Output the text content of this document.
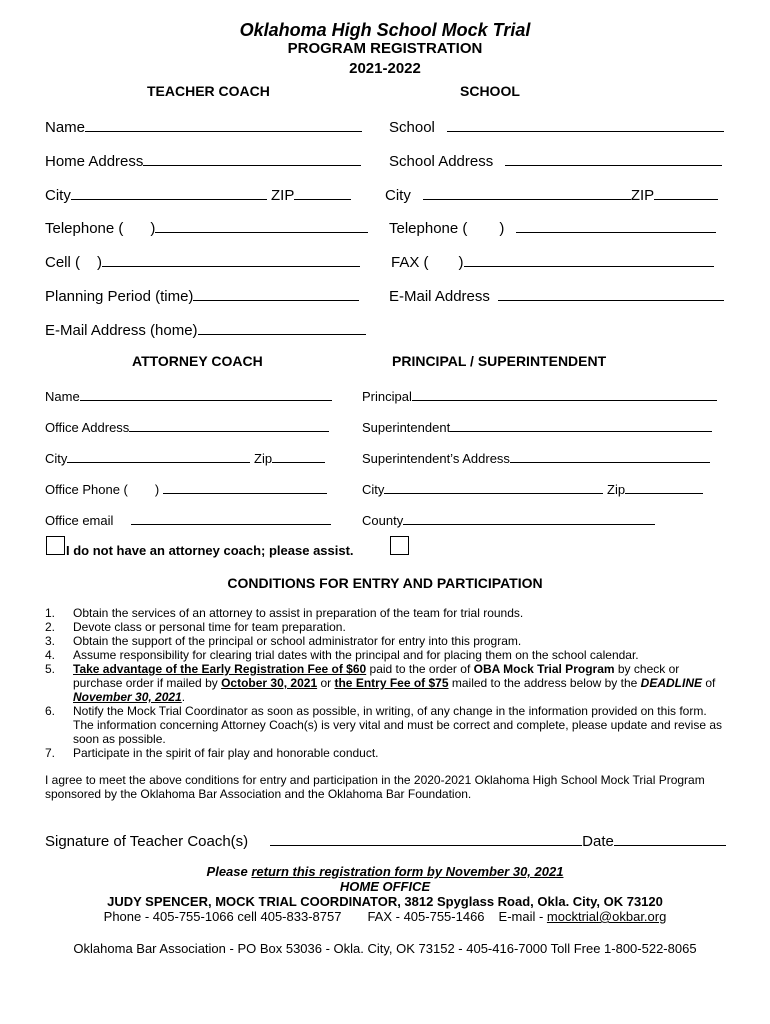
Oklahoma High School Mock Trial
PROGRAM REGISTRATION
2021-2022
TEACHER COACH	SCHOOL
Name
Home Address
City	ZIP
Telephone ( )
Cell ( )
Planning Period (time)
E-Mail Address (home)
School
School Address
City	ZIP
Telephone ( )
FAX ( )
E-Mail Address
ATTORNEY COACH	PRINCIPAL / SUPERINTENDENT
Name
Office Address
City	Zip
Office Phone ( )
Office email
Principal
Superintendent
Superintendent’s Address
City	Zip
County
I do not have an attorney coach; please assist.
CONDITIONS FOR ENTRY AND PARTICIPATION
1. Obtain the services of an attorney to assist in preparation of the team for trial rounds.
2. Devote class or personal time for team preparation.
3. Obtain the support of the principal or school administrator for entry into this program.
4. Assume responsibility for clearing trial dates with the principal and for placing them on the school calendar.
5. Take advantage of the Early Registration Fee of $60 paid to the order of OBA Mock Trial Program by check or purchase order if mailed by October 30, 2021 or the Entry Fee of $75 mailed to the address below by the DEADLINE of November 30, 2021.
6. Notify the Mock Trial Coordinator as soon as possible, in writing, of any change in the information provided on this form. The information concerning Attorney Coach(s) is very vital and must be correct and complete, please update and revise as soon as possible.
7. Participate in the spirit of fair play and honorable conduct.
I agree to meet the above conditions for entry and participation in the 2020-2021 Oklahoma High School Mock Trial Program sponsored by the Oklahoma Bar Association and the Oklahoma Bar Foundation.
Signature of Teacher Coach(s)	Date
Please return this registration form by November 30, 2021
HOME OFFICE
JUDY SPENCER, MOCK TRIAL COORDINATOR, 3812 Spyglass Road, Okla. City, OK 73120
Phone - 405-755-1066 cell 405-833-8757 FAX - 405-755-1466 E-mail - mocktrial@okbar.org
Oklahoma Bar Association - PO Box 53036 - Okla. City, OK 73152 - 405-416-7000 Toll Free 1-800-522-8065
